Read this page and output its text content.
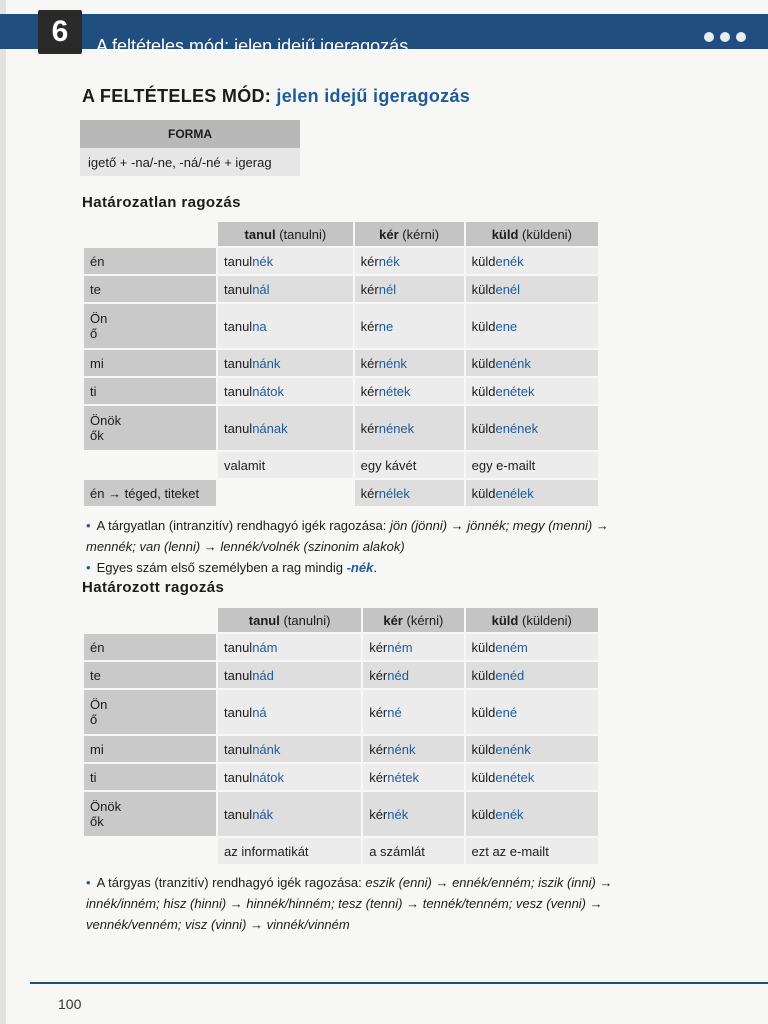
A feltételes mód: jelen idejű igeragozás
6
A FELTÉTELES MÓD: jelen idejű igeragozás
FORMA
igető + -na/-ne, -ná/-né + igerag
Határozatlan ragozás
	tanul (tanulni)	kér (kérni)	küld (küldeni)
én	tanulnék	kérnék	küldenék
te	tanulnál	kérnél	küldenél
Ön
ő	tanulna	kérne	küldene
mi	tanulnánk	kérnénk	küldenénk
ti	tanulnátok	kérnétek	küldenétek
Önök
ők	tanulnának	kérnének	küldenének
	valamit	egy kávét	egy e-mailt
én → téged, titeket		kérnélek	küldenélek
• A tárgyatlan (intranzitív) rendhagyó igék ragozása: jön (jönni) → jönnék; megy (menni) → mennék; van (lenni) → lennék/volnék (szinonim alakok)
• Egyes szám első személyben a rag mindig -nék.
Határozott ragozás
	tanul (tanulni)	kér (kérni)	küld (küldeni)
én	tanulnám	kérném	küldeném
te	tanulnád	kérnéd	küldenéd
Ön
ő	tanulná	kérné	küldené
mi	tanulnánk	kérnénk	küldenénk
ti	tanulnátok	kérnétek	küldenétek
Önök
ők	tanulnák	kérnék	küldenék
	az informatikát	a számlát	ezt az e-mailt
• A tárgyas (tranzitív) rendhagyó igék ragozása: eszik (enni) → ennék/enném; iszik (inni) → innék/inném; hisz (hinni) → hinnék/hinném; tesz (tenni) → tennék/tenném; vesz (venni) → vennék/venném; visz (vinni) → vinnék/vinném
100
